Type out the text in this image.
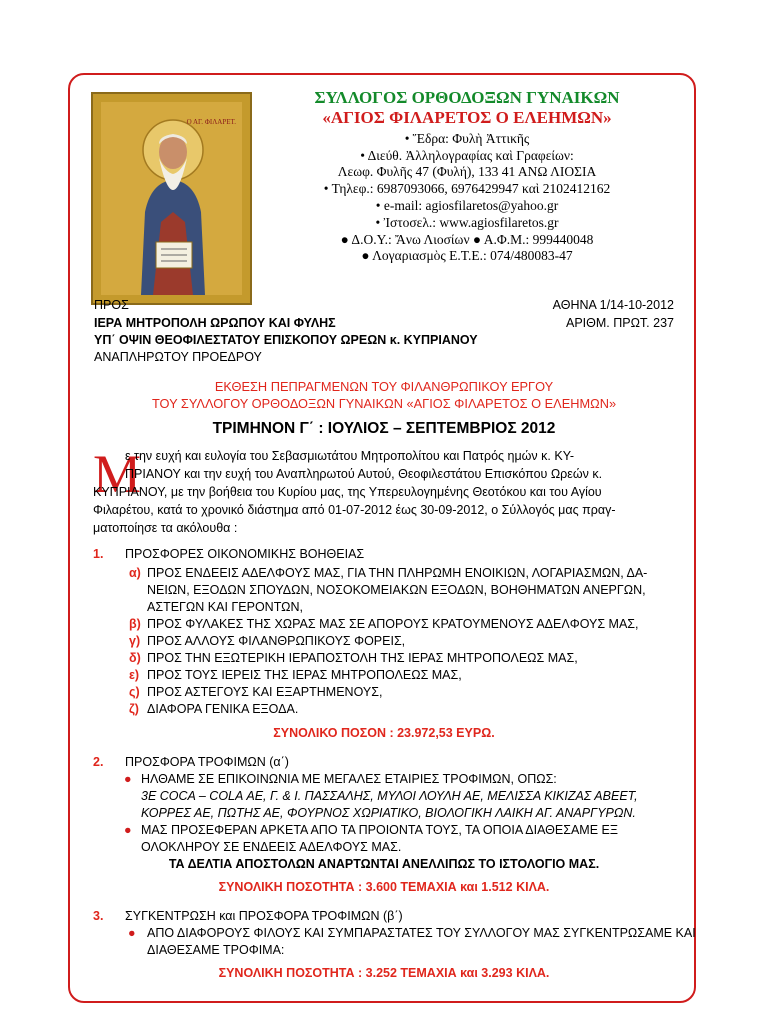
Ο ΑΓ. ΦΙΛΑΡΕΤ.
ΣΥΛΛΟΓΟΣ ΟΡΘΟΔΟΞΩΝ ΓΥΝΑΙΚΩΝ
«ΑΓΙΟΣ ΦΙΛΑΡΕΤΟΣ Ο ΕΛΕΗΜΩΝ»
• Ἕδρα: Φυλὴ Ἀττικῆς
• Διεύθ. Ἀλληλογραφίας καὶ Γραφείων:
Λεωφ. Φυλῆς 47 (Φυλή), 133 41 ΑΝΩ ΛΙΟΣΙΑ
• Τηλεφ.: 6987093066, 6976429947 καὶ 2102412162
• e-mail: agiosfilaretos@yahoo.gr
• Ἰστοσελ.: www.agiosfilaretos.gr
● Δ.Ο.Υ.: Ἄνω Λιοσίων ● Α.Φ.Μ.: 999440048
● Λογαριασμὸς Ε.Τ.Ε.: 074/480083-47
ΠΡΟΣ
ΙΕΡΑ ΜΗΤΡΟΠΟΛΗ ΩΡΩΠΟΥ ΚΑΙ ΦΥΛΗΣ
ΥΠ΄ ΟΨΙΝ ΘΕΟΦΙΛΕΣΤΑΤΟΥ ΕΠΙΣΚΟΠΟΥ ΩΡΕΩΝ κ. ΚΥΠΡΙΑΝΟΥ
ΑΝΑΠΛΗΡΩΤΟΥ ΠΡΟΕΔΡΟΥ
ΑΘΗΝΑ 1/14-10-2012
ΑΡΙΘΜ. ΠΡΩΤ. 237
ΕΚΘΕΣΗ ΠΕΠΡΑΓΜΕΝΩΝ ΤΟΥ ΦΙΛΑΝΘΡΩΠΙΚΟΥ ΕΡΓΟΥ
ΤΟΥ ΣΥΛΛΟΓΟΥ ΟΡΘΟΔΟΞΩΝ ΓΥΝΑΙΚΩΝ «ΑΓΙΟΣ ΦΙΛΑΡΕΤΟΣ Ο ΕΛΕΗΜΩΝ»
ΤΡΙΜΗΝΟΝ Γ΄ : ΙΟΥΛΙΟΣ – ΣΕΠΤΕΜΒΡΙΟΣ 2012
Μ
ε την ευχή και ευλογία του Σεβασμιωτάτου Μητροπολίτου και Πατρός ημών κ. ΚΥ-
ΠΡΙΑΝΟΥ και την ευχή του Αναπληρωτού Αυτού, Θεοφιλεστάτου Επισκόπου Ωρεών κ.
ΚΥΠΡΙΑΝΟΥ, με την βοήθεια του Κυρίου μας, της Υπερευλογημένης Θεοτόκου και του Αγίου
Φιλαρέτου, κατά το χρονικό διάστημα από 01-07-2012 έως 30-09-2012, ο Σύλλογός μας πραγ-
ματοποίησε τα ακόλουθα :
1. ΠΡΟΣΦΟΡΕΣ ΟΙΚΟΝΟΜΙΚΗΣ ΒΟΗΘΕΙΑΣ
α) ΠΡΟΣ ΕΝΔΕΕΙΣ ΑΔΕΛΦΟΥΣ ΜΑΣ, ΓΙΑ ΤΗΝ ΠΛΗΡΩΜΗ ΕΝΟΙΚΙΩΝ, ΛΟΓΑΡΙΑΣΜΩΝ, ΔΑ-
ΝΕΙΩΝ, ΕΞΟΔΩΝ ΣΠΟΥΔΩΝ, ΝΟΣΟΚΟΜΕΙΑΚΩΝ ΕΞΟΔΩΝ, ΒΟΗΘΗΜΑΤΩΝ ΑΝΕΡΓΩΝ,
ΑΣΤΕΓΩΝ ΚΑΙ ΓΕΡΟΝΤΩΝ,
β) ΠΡΟΣ ΦΥΛΑΚΕΣ ΤΗΣ ΧΩΡΑΣ ΜΑΣ ΣΕ ΑΠΟΡΟΥΣ ΚΡΑΤΟΥΜΕΝΟΥΣ ΑΔΕΛΦΟΥΣ ΜΑΣ,
γ) ΠΡΟΣ ΑΛΛΟΥΣ ΦΙΛΑΝΘΡΩΠΙΚΟΥΣ ΦΟΡΕΙΣ,
δ) ΠΡΟΣ ΤΗΝ ΕΞΩΤΕΡΙΚΗ ΙΕΡΑΠΟΣΤΟΛΗ ΤΗΣ ΙΕΡΑΣ ΜΗΤΡΟΠΟΛΕΩΣ ΜΑΣ,
ε) ΠΡΟΣ ΤΟΥΣ ΙΕΡΕΙΣ ΤΗΣ ΙΕΡΑΣ ΜΗΤΡΟΠΟΛΕΩΣ ΜΑΣ,
ς) ΠΡΟΣ ΑΣΤΕΓΟΥΣ ΚΑΙ ΕΞΑΡΤΗΜΕΝΟΥΣ,
ζ) ΔΙΑΦΟΡΑ ΓΕΝΙΚΑ ΕΞΟΔΑ.
ΣΥΝΟΛΙΚΟ ΠΟΣΟΝ : 23.972,53 ΕΥΡΩ.
2. ΠΡΟΣΦΟΡΑ ΤΡΟΦΙΜΩΝ (α΄)
● ΗΛΘΑΜΕ ΣΕ ΕΠΙΚΟΙΝΩΝΙΑ ΜΕ ΜΕΓΑΛΕΣ ΕΤΑΙΡΙΕΣ ΤΡΟΦΙΜΩΝ, ΟΠΩΣ:
3Ε COCA – COLA ΑΕ, Γ. & Ι. ΠΑΣΣΑΛΗΣ, ΜΥΛΟΙ ΛΟΥΛΗ ΑΕ, ΜΕΛΙΣΣΑ ΚΙΚΙΖΑΣ ΑΒΕΕΤ,
ΚΟΡΡΕΣ ΑΕ, ΠΩΤΗΣ ΑΕ, ΦΟΥΡΝΟΣ ΧΩΡΙΑΤΙΚΟ, ΒΙΟΛΟΓΙΚΗ ΛΑΙΚΗ ΑΓ. ΑΝΑΡΓΥΡΩΝ.
● ΜΑΣ ΠΡΟΣΕΦΕΡΑΝ ΑΡΚΕΤΑ ΑΠΟ ΤΑ ΠΡΟΙΟΝΤΑ ΤΟΥΣ, ΤΑ ΟΠΟΙΑ ΔΙΑΘΕΣΑΜΕ ΕΞ
ΟΛΟΚΛΗΡΟΥ ΣΕ ΕΝΔΕΕΙΣ ΑΔΕΛΦΟΥΣ ΜΑΣ.
ΤΑ ΔΕΛΤΙΑ ΑΠΟΣΤΟΛΩΝ ΑΝΑΡΤΩΝΤΑΙ ΑΝΕΛΛΙΠΩΣ ΤΟ ΙΣΤΟΛΟΓΙΟ ΜΑΣ.
ΣΥΝΟΛΙΚΗ ΠΟΣΟΤΗΤΑ : 3.600 ΤΕΜΑΧΙΑ και 1.512 ΚΙΛΑ.
3. ΣΥΓΚΕΝΤΡΩΣΗ και ΠΡΟΣΦΟΡΑ ΤΡΟΦΙΜΩΝ (β΄)
● ΑΠΟ ΔΙΑΦΟΡΟΥΣ ΦΙΛΟΥΣ ΚΑΙ ΣΥΜΠΑΡΑΣΤΑΤΕΣ ΤΟΥ ΣΥΛΛΟΓΟΥ ΜΑΣ ΣΥΓΚΕΝΤΡΩΣΑΜΕ ΚΑΙ
ΔΙΑΘΕΣΑΜΕ ΤΡΟΦΙΜΑ:
ΣΥΝΟΛΙΚΗ ΠΟΣΟΤΗΤΑ : 3.252 ΤΕΜΑΧΙΑ και 3.293 ΚΙΛΑ.
